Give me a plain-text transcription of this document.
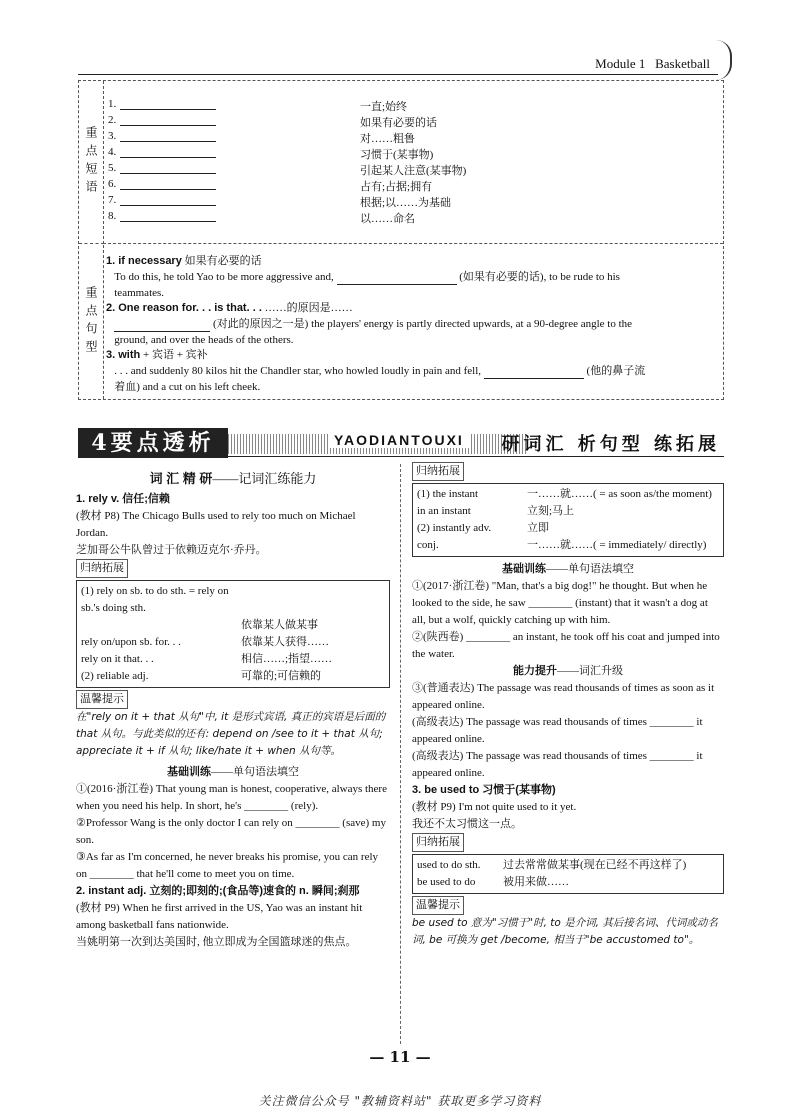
Module 1 Basketball
重点短语
重点句型
1.	一直;始终
2.	如果有必要的话
3.	对……粗鲁
4.	习惯于(某事物)
5.	引起某人注意(某事物)
6.	占有;占据;拥有
7.	根据;以……为基础
8.	以……命名
1. if necessary 如果有必要的话
To do this, he told Yao to be more aggressive and,	(如果有必要的话), to be rude to his
teammates.
2. One reason for. . . is that. . . ……的原因是……
(对此的原因之一是) the players' energy is partly directed upwards, at a 90-degree angle to the
ground, and over the heads of the others.
3. with + 宾语 + 宾补
. . . and suddenly 80 kilos hit the Chandler star, who howled loudly in pain and fell,	(他的鼻子流
着血) and a cut on his left cheek.
4要点透析	YAODIANTOUXI	研词汇 析句型 练拓展

词 汇 精 研——记词汇练能力

1. rely v. 信任;信赖

(教材 P8) The Chicago Bulls used to rely too much on Michael Jordan.

芝加哥公牛队曾过于依赖迈克尔·乔丹。

归纳拓展

(1) rely on sb. to do sth. = rely on sb.'s doing sth.
依靠某人做某事
rely on/upon sb. for. . .	依靠某人获得……
rely on it that. . .	相信……;指望……
(2) reliable adj.	可靠的;可信赖的

温馨提示

在"rely on it + that 从句"中, it 是形式宾语, 真正的宾语是后面的 that 从句。与此类似的还有: depend on /see to it + that 从句; appreciate it + if 从句; like/hate it + when 从句等。

基础训练——单句语法填空

①(2016·浙江卷) That young man is honest, cooperative, always there when you need his help. In short, he's ________ (rely).

②Professor Wang is the only doctor I can rely on ________ (save) my son.

③As far as I'm concerned, he never breaks his promise, you can rely on ________ that he'll come to meet you on time.

2. instant adj. 立刻的;即刻的;(食品等)速食的 n. 瞬间;刹那

(教材 P9) When he first arrived in the US, Yao was an instant hit among basketball fans nationwide.

当姚明第一次到达美国时, 他立即成为全国篮球迷的焦点。

归纳拓展

(1) the instant	一……就……( = as soon as/the moment)
in an instant	立刻;马上
(2) instantly adv.	立即
conj.	一……就……( = immediately/ directly)

基础训练——单句语法填空

①(2017·浙江卷) "Man, that's a big dog!" he thought. But when he looked to the side, he saw ________ (instant) that it wasn't a dog at all, but a wolf, quickly catching up with him.

②(陕西卷) ________ an instant, he took off his coat and jumped into the water.

能力提升——词汇升级

③(普通表达) The passage was read thousands of times as soon as it appeared online.

(高级表达) The passage was read thousands of times ________ it appeared online.

(高级表达) The passage was read thousands of times ________ it appeared online.

3. be used to 习惯于(某事物)

(教材 P9) I'm not quite used to it yet.

我还不太习惯这一点。

归纳拓展

used to do sth.	过去常常做某事(现在已经不再这样了)
be used to do	被用来做……

温馨提示

be used to 意为"习惯于"时, to 是介词, 其后接名词、代词或动名词, be 可换为 get /become, 相当于"be accustomed to"。

— 11 —
关注微信公众号 "教辅资料站" 获取更多学习资料
